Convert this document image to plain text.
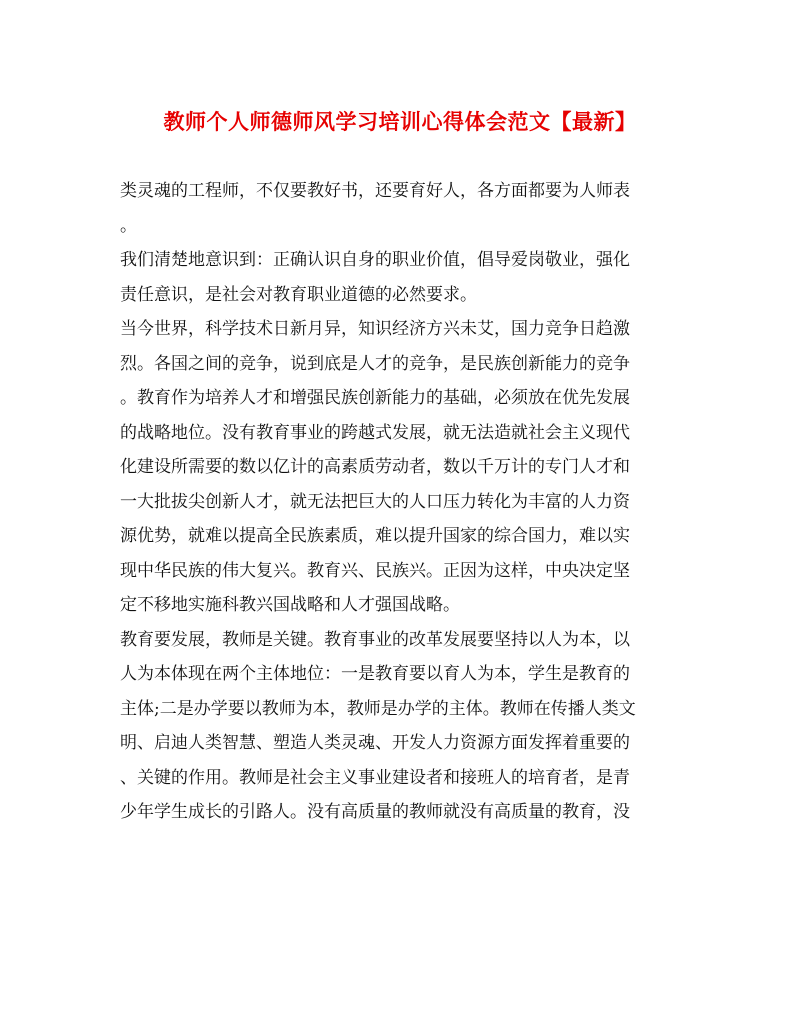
教师个人师德师风学习培训心得体会范文【最新】
类灵魂的工程师，不仅要教好书，还要育好人，各方面都要为人师表
。
我们清楚地意识到：正确认识自身的职业价值，倡导爱岗敬业，强化
责任意识，是社会对教育职业道德的必然要求。
当今世界，科学技术日新月异，知识经济方兴未艾，国力竞争日趋激
烈。各国之间的竞争，说到底是人才的竞争，是民族创新能力的竞争
。教育作为培养人才和增强民族创新能力的基础，必须放在优先发展
的战略地位。没有教育事业的跨越式发展，就无法造就社会主义现代
化建设所需要的数以亿计的高素质劳动者，数以千万计的专门人才和
一大批拔尖创新人才，就无法把巨大的人口压力转化为丰富的人力资
源优势，就难以提高全民族素质，难以提升国家的综合国力，难以实
现中华民族的伟大复兴。教育兴、民族兴。正因为这样，中央决定坚
定不移地实施科教兴国战略和人才强国战略。
教育要发展，教师是关键。教育事业的改革发展要坚持以人为本，以
人为本体现在两个主体地位：一是教育要以育人为本，学生是教育的
主体;二是办学要以教师为本，教师是办学的主体。教师在传播人类文
明、启迪人类智慧、塑造人类灵魂、开发人力资源方面发挥着重要的
、关键的作用。教师是社会主义事业建设者和接班人的培育者，是青
少年学生成长的引路人。没有高质量的教师就没有高质量的教育，没
